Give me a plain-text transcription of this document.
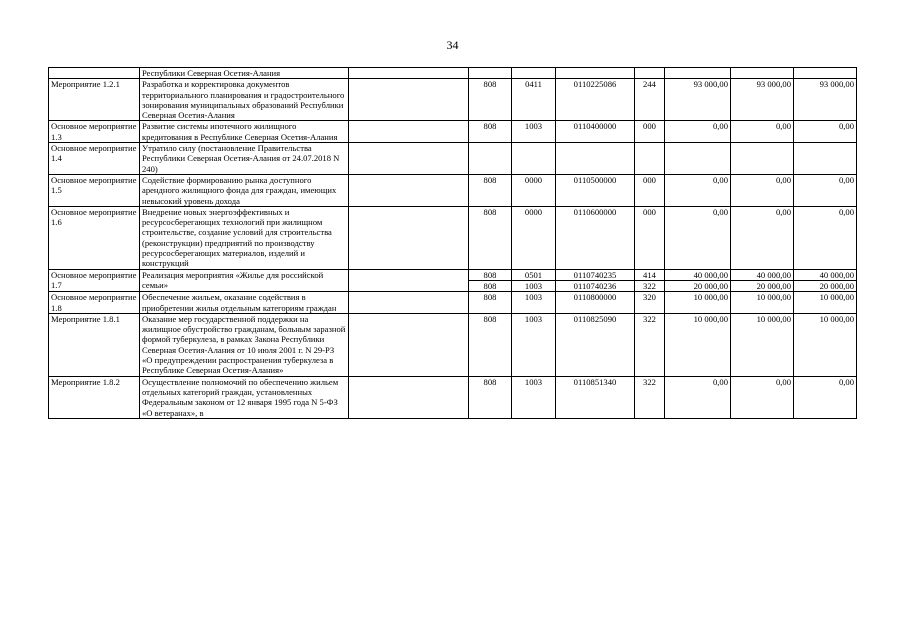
34
	Республики Северная Осетия-Алания								
Мероприятие 1.2.1	Разработка и корректировка документов территориального планирования и градостроительного зонирования муниципальных образований Республики Северная Осетия-Алания		808	0411	0110225086	244	93 000,00	93 000,00	93 000,00
Основное мероприятие 1.3	Развитие системы ипотечного жилищного кредитования в Республике Северная Осетия-Алания		808	1003	0110400000	000	0,00	0,00	0,00
Основное мероприятие 1.4	Утратило силу (постановление Правительства Республики Северная Осетия-Алания от 24.07.2018 N 240)								
Основное мероприятие 1.5	Содействие формированию рынка доступного арендного жилищного фонда для граждан, имеющих невысокий уровень дохода		808	0000	0110500000	000	0,00	0,00	0,00
Основное мероприятие 1.6	Внедрение новых энергоэффективных и ресурсосберегающих технологий при жилищном строительстве, создание условий для строительства (реконструкции) предприятий по производству ресурсосберегающих материалов, изделий и конструкций		808	0000	0110600000	000	0,00	0,00	0,00
Основное мероприятие 1.7	Реализация мероприятия «Жилье для российской семьи»		808	0501	0110740235	414	40 000,00	40 000,00	40 000,00
			808	1003	0110740236	322	20 000,00	20 000,00	20 000,00
Основное мероприятие 1.8	Обеспечение жильем, оказание содействия в приобретении жилья отдельным категориям граждан		808	1003	0110800000	320	10 000,00	10 000,00	10 000,00
Мероприятие 1.8.1	Оказание мер государственной поддержки на жилищное обустройство гражданам, больным заразной формой туберкулеза, в рамках Закона Республики Северная Осетия-Алания от 10 июля 2001 г. N 29-РЗ «О предупреждении распространения туберкулеза в Республике Северная Осетия-Алания»		808	1003	0110825090	322	10 000,00	10 000,00	10 000,00
Мероприятие 1.8.2	Осуществление полномочий по обеспечению жильем отдельных категорий граждан, установленных Федеральным законом от 12 января 1995 года N 5-ФЗ «О ветеранах», в		808	1003	0110851340	322	0,00	0,00	0,00
